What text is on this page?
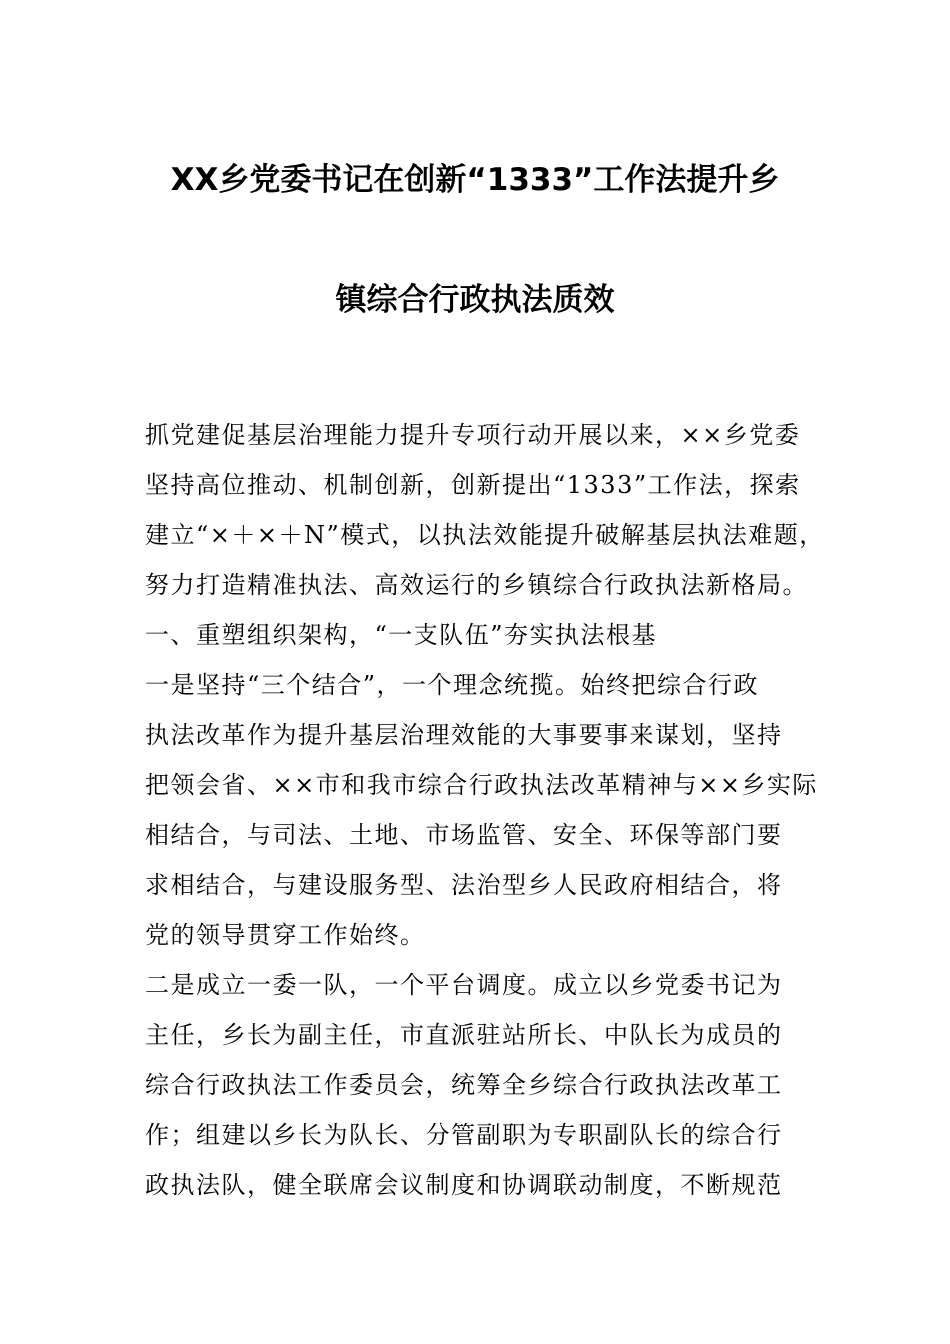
XX乡党委书记在创新“1333”工作法提升乡
镇综合行政执法质效
抓党建促基层治理能力提升专项行动开展以来，××乡党委
坚持高位推动、机制创新，创新提出“1333”工作法，探索
建立“×＋×＋N”模式，以执法效能提升破解基层执法难题，
努力打造精准执法、高效运行的乡镇综合行政执法新格局。
一、重塑组织架构，“一支队伍”夯实执法根基
一是坚持“三个结合”，一个理念统揽。始终把综合行政
执法改革作为提升基层治理效能的大事要事来谋划，坚持
把领会省、××市和我市综合行政执法改革精神与××乡实际
相结合，与司法、土地、市场监管、安全、环保等部门要
求相结合，与建设服务型、法治型乡人民政府相结合，将
党的领导贯穿工作始终。
二是成立一委一队，一个平台调度。成立以乡党委书记为
主任，乡长为副主任，市直派驻站所长、中队长为成员的
综合行政执法工作委员会，统筹全乡综合行政执法改革工
作；组建以乡长为队长、分管副职为专职副队长的综合行
政执法队，健全联席会议制度和协调联动制度，不断规范
